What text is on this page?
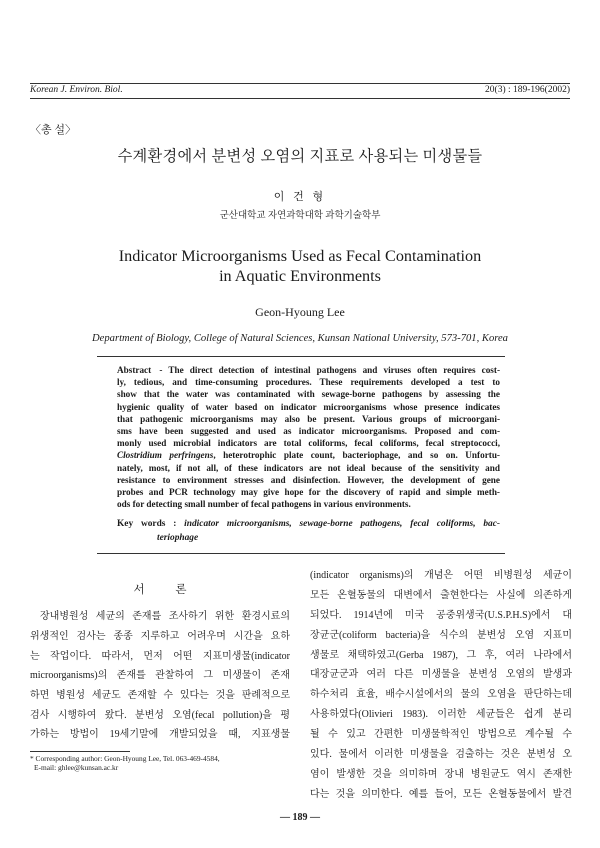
Korean J. Environ. Biol.	20(3) : 189-196(2002)
〈총 설〉
수계환경에서 분변성 오염의 지표로 사용되는 미생물들
이 건 형
군산대학교 자연과학대학 과학기술학부
Indicator Microorganisms Used as Fecal Contamination
in Aquatic Environments
Geon-Hyoung Lee
Department of Biology, College of Natural Sciences, Kunsan National University, 573-701, Korea
Abstract - The direct detection of intestinal pathogens and viruses often requires cost-
ly, tedious, and time-consuming procedures. These requirements developed a test to
show that the water was contaminated with sewage-borne pathogens by assessing the
hygienic quality of water based on indicator microorganisms whose presence indicates
that pathogenic microorganisms may also be present. Various groups of microorgani-
sms have been suggested and used as indicator microorganisms. Proposed and com-
monly used microbial indicators are total coliforms, fecal coliforms, fecal streptococci,
Clostridium perfringens, heterotrophic plate count, bacteriophage, and so on. Unfortu-
nately, most, if not all, of these indicators are not ideal because of the sensitivity and
resistance to environment stresses and disinfection. However, the development of gene
probes and PCR technology may give hope for the discovery of rapid and simple meth-
ods for detecting small number of fecal pathogens in various environments.
Key words : indicator microorganisms, sewage-borne pathogens, fecal coliforms, bac-
teriophage
서 론
장내병원성 세균의 존재를 조사하기 위한 환경시료의
위생적인 검사는 종종 지루하고 어려우며 시간을 요하
는 작업이다. 따라서, 먼저 어떤 지표미생물(indicator
microorganisms)의 존재를 관찰하여 그 미생물이 존재
하면 병원성 세균도 존재할 수 있다는 것을 판례적으로
검사 시행하여 왔다. 분변성 오염(fecal pollution)을 평
가하는 방법이 19세기말에 개발되었을 때, 지표생물
* Corresponding author: Geon-Hyoung Lee, Tel. 063-469-4584,
E-mail: ghlee@kunsan.ac.kr
(indicator organisms)의 개념은 어떤 비병원성 세균이
모든 온혈동물의 대변에서 출현한다는 사실에 의존하게
되었다. 1914년에 미국 공중위생국(U.S.P.H.S)에서 대
장균군(coliform bacteria)을 식수의 분변성 오염 지표미
생물로 채택하였고(Gerba 1987), 그 후, 여러 나라에서
대장균군과 여러 다른 미생물을 분변성 오염의 발생과
하수처리 효율, 배수시설에서의 물의 오염을 판단하는데
사용하였다(Olivieri 1983). 이러한 세균들은 쉽게 분리
될 수 있고 간편한 미생물학적인 방법으로 계수될 수
있다. 물에서 이러한 미생물을 검출하는 것은 분변성 오
염이 발생한 것을 의미하며 장내 병원균도 역시 존재한
다는 것을 의미한다. 예를 들어, 모든 온혈동물에서 발견
— 189 —
